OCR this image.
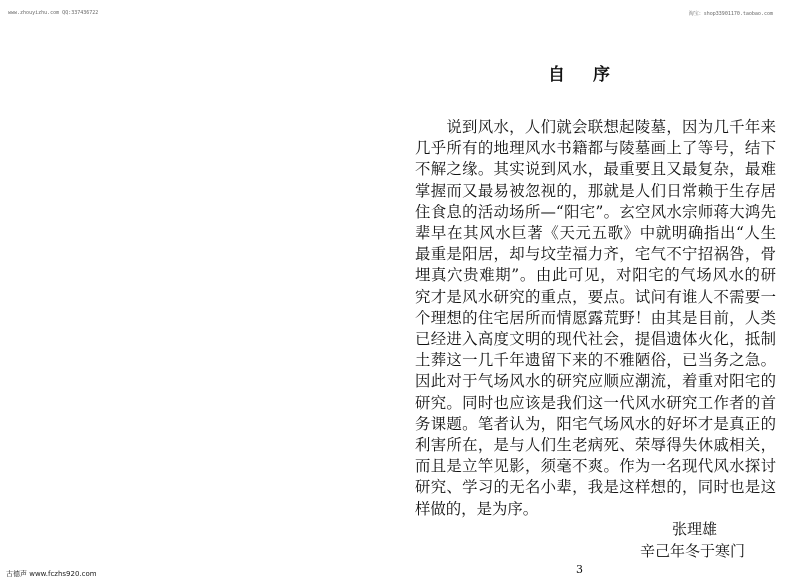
www.zhouyizhu.com QQ:337436722	淘宝：shop33901170.taobao.com
自序

说到风水，人们就会联想起陵墓，因为几千年来几乎所有的地理风水书籍都与陵墓画上了等号，结下不解之缘。其实说到风水，最重要且又最复杂，最难掌握而又最易被忽视的，那就是人们日常赖于生存居住食息的活动场所—“阳宅”。玄空风水宗师蒋大鸿先辈早在其风水巨著《天元五歌》中就明确指出“人生最重是阳居，却与坟茔福力齐，宅气不宁招祸咎，骨埋真穴贵难期”。由此可见，对阳宅的气场风水的研究才是风水研究的重点，要点。试问有谁人不需要一个理想的住宅居所而情愿露荒野！由其是目前，人类已经进入高度文明的现代社会，提倡遗体火化，抵制土葬这一几千年遗留下来的不雅陋俗，已当务之急。因此对于气场风水的研究应顺应潮流，着重对阳宅的研究。同时也应该是我们这一代风水研究工作者的首务课题。笔者认为，阳宅气场风水的好坏才是真正的利害所在，是与人们生老病死、荣辱得失休戚相关，而且是立竿见影，须毫不爽。作为一名现代风水探讨研究、学习的无名小辈，我是这样想的，同时也是这样做的，是为序。

张理雄
辛己年冬于寒门
3
古德声 www.fczhs920.com
